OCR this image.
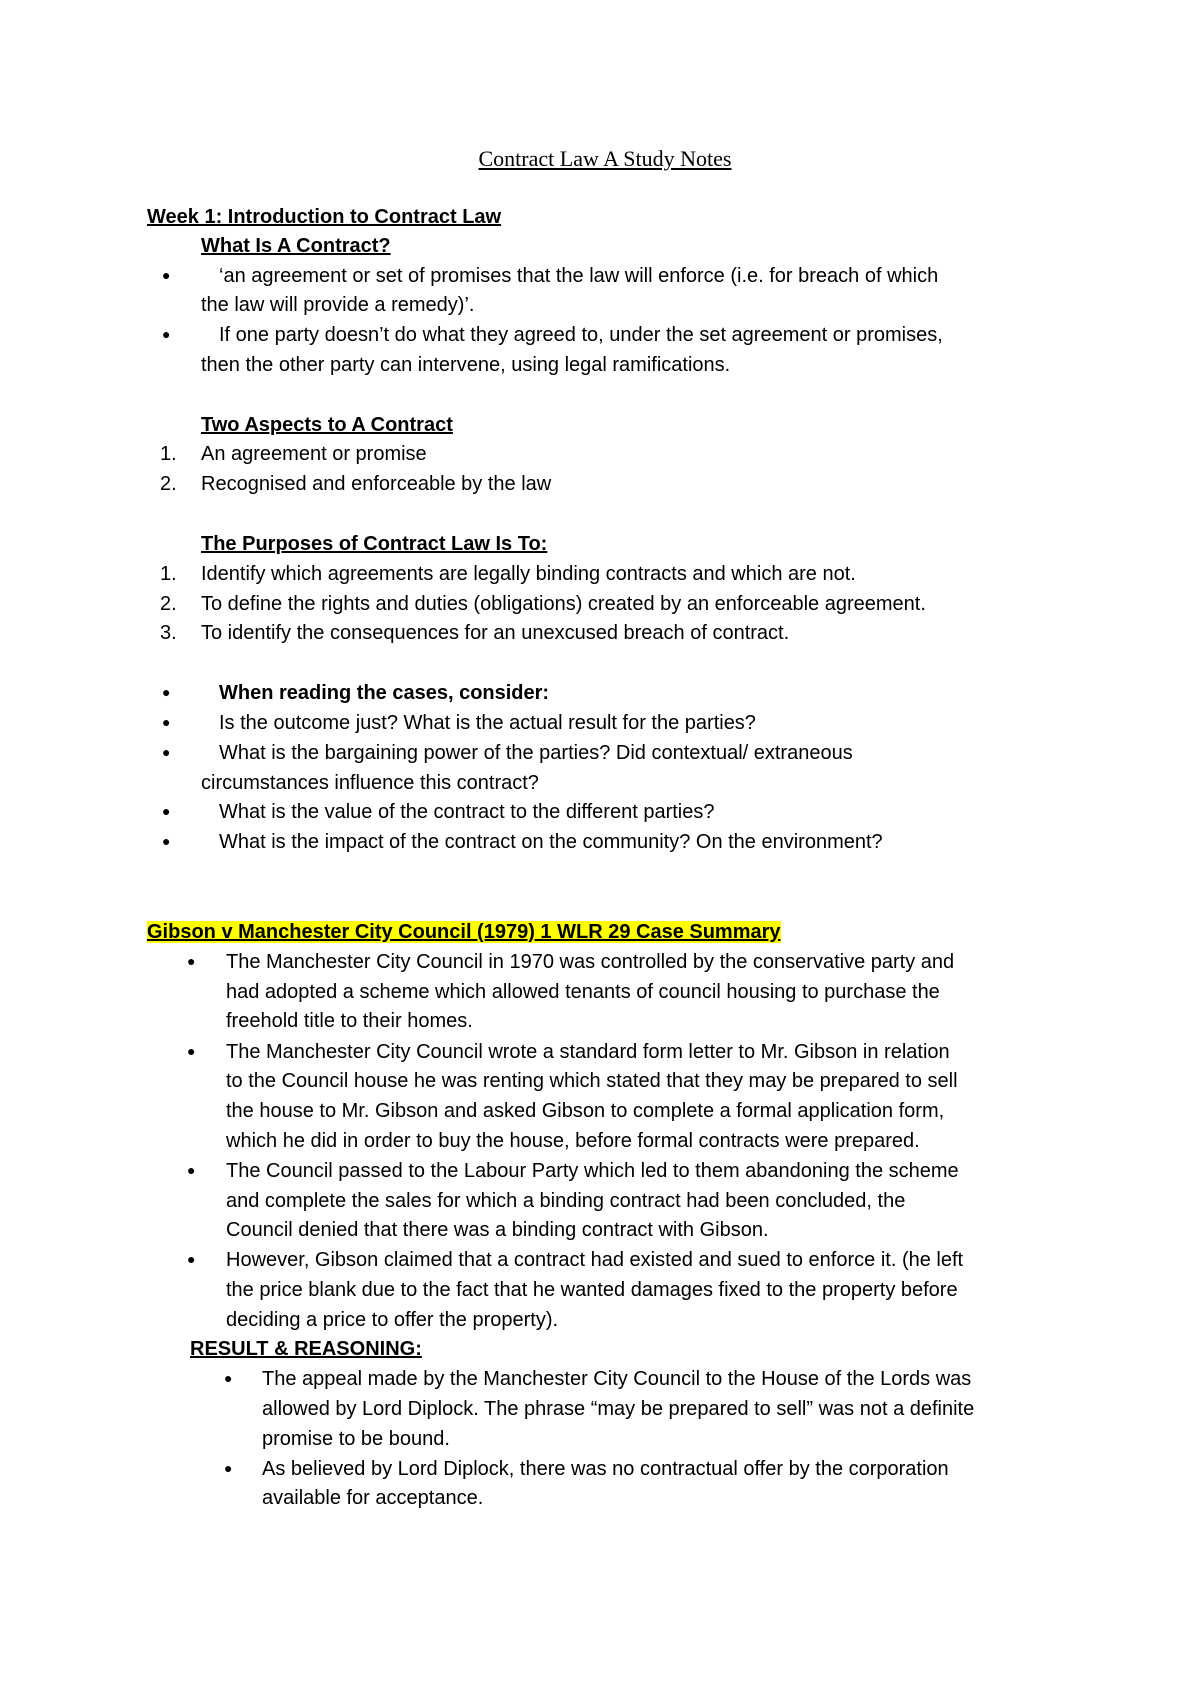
Contract Law A Study Notes
Week 1: Introduction to Contract Law
What Is A Contract?
● ‘an agreement or set of promises that the law will enforce (i.e. for breach of which
the law will provide a remedy)’.
● If one party doesn’t do what they agreed to, under the set agreement or promises,
then the other party can intervene, using legal ramifications.
Two Aspects to A Contract
1. An agreement or promise
2. Recognised and enforceable by the law
The Purposes of Contract Law Is To:
1. Identify which agreements are legally binding contracts and which are not.
2. To define the rights and duties (obligations) created by an enforceable agreement.
3. To identify the consequences for an unexcused breach of contract.
● When reading the cases, consider:
● Is the outcome just? What is the actual result for the parties?
● What is the bargaining power of the parties? Did contextual/ extraneous
circumstances influence this contract?
● What is the value of the contract to the different parties?
● What is the impact of the contract on the community? On the environment?
Gibson v Manchester City Council (1979) 1 WLR 29 Case Summary
● The Manchester City Council in 1970 was controlled by the conservative party and
had adopted a scheme which allowed tenants of council housing to purchase the
freehold title to their homes.
● The Manchester City Council wrote a standard form letter to Mr. Gibson in relation
to the Council house he was renting which stated that they may be prepared to sell
the house to Mr. Gibson and asked Gibson to complete a formal application form,
which he did in order to buy the house, before formal contracts were prepared.
● The Council passed to the Labour Party which led to them abandoning the scheme
and complete the sales for which a binding contract had been concluded, the
Council denied that there was a binding contract with Gibson.
● However, Gibson claimed that a contract had existed and sued to enforce it. (he left
the price blank due to the fact that he wanted damages fixed to the property before
deciding a price to offer the property).
RESULT & REASONING:
● The appeal made by the Manchester City Council to the House of the Lords was
allowed by Lord Diplock. The phrase “may be prepared to sell” was not a definite
promise to be bound.
● As believed by Lord Diplock, there was no contractual offer by the corporation
available for acceptance.
